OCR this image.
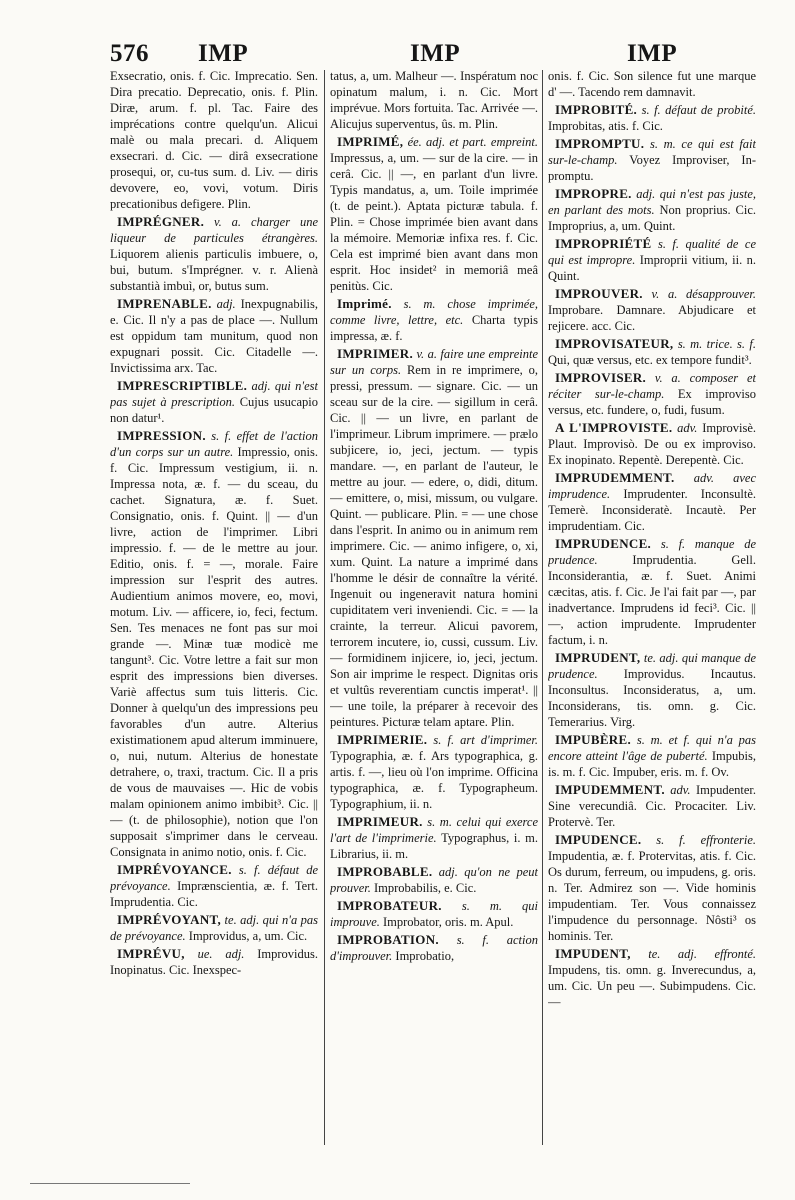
576 IMP	IMP	IMP

Exsecratio, onis. f. Cic. Imprecatio. Sen. Dira precatio. Deprecatio, onis. f. Plin. Diræ, arum. f. pl. Tac. Faire des imprécations contre quelqu'un. Alicui malè ou mala precari. d. Aliquem exsecrari. d. Cic. — dirâ exsecratione prosequi, or, cu-tus sum. d. Liv. — diris devovere, eo, vovi, votum. Diris precationibus defigere. Plin.

IMPRÉGNER. v. a. charger une liqueur de particules étrangères. Liquorem alienis particulis imbuere, o, bui, butum. s'Imprégner. v. r. Alienà substantià imbuì, or, butus sum.

IMPRENABLE. adj. Inexpugnabilis, e. Cic. Il n'y a pas de place —. Nullum est oppidum tam munitum, quod non expugnari possit. Cic. Citadelle —. Invictissima arx. Tac.

IMPRESCRIPTIBLE. adj. qui n'est pas sujet à prescription. Cujus usucapio non datur¹.

IMPRESSION. s. f. effet de l'action d'un corps sur un autre. Impressio, onis. f. Cic. Impressum vestigium, ii. n. Impressa nota, æ. f. — du sceau, du cachet. Signatura, æ. f. Suet. Consignatio, onis. f. Quint. || — d'un livre, action de l'imprimer. Libri impressio. f. — de le mettre au jour. Editio, onis. f. = —, morale. Faire impression sur l'esprit des autres. Audientium animos movere, eo, movi, motum. Liv. — afficere, io, feci, fectum. Sen. Tes menaces ne font pas sur moi grande —. Minæ tuæ modicè me tangunt³. Cic. Votre lettre a fait sur mon esprit des impressions bien diverses. Variè affectus sum tuis litteris. Cic. Donner à quelqu'un des impressions peu favorables d'un autre. Alterius existimationem apud alterum imminuere, o, nui, nutum. Alterius de honestate detrahere, o, traxi, tractum. Cic. Il a pris de vous de mauvaises —. Hic de vobis malam opinionem animo imbibit³. Cic. || — (t. de philosophie), notion que l'on supposait s'imprimer dans le cerveau. Consignata in animo notio, onis. f. Cic.

IMPRÉVOYANCE. s. f. défaut de prévoyance. Imprænscientia, æ. f. Tert. Imprudentia. Cic.

IMPRÉVOYANT, te. adj. qui n'a pas de prévoyance. Improvidus, a, um. Cic.

IMPRÉVU, ue. adj. Improvidus. Inopinatus. Cic. Inexspec-

tatus, a, um. Malheur —. Inspératum noc opinatum malum, i. n. Cic. Mort imprévue. Mors fortuita. Tac. Arrivée —. Alicujus superventus, ûs. m. Plin.

IMPRIMÉ, ée. adj. et part. empreint. Impressus, a, um. — sur de la cire. — in cerâ. Cic. || —, en parlant d'un livre. Typis mandatus, a, um. Toile imprimée (t. de peint.). Aptata picturæ tabula. f. Plin. = Chose imprimée bien avant dans la mémoire. Memoriæ infixa res. f. Cic. Cela est imprimé bien avant dans mon esprit. Hoc insidet² in memoriâ meâ penitùs. Cic.

Imprimé. s. m. chose imprimée, comme livre, lettre, etc. Charta typis impressa, æ. f.

IMPRIMER. v. a. faire une empreinte sur un corps. Rem in re imprimere, o, pressi, pressum. — signare. Cic. — un sceau sur de la cire. — sigillum in cerâ. Cic. || — un livre, en parlant de l'imprimeur. Librum imprimere. — prælo subjicere, io, jeci, jectum. — typis mandare. —, en parlant de l'auteur, le mettre au jour. — edere, o, didi, ditum. — emittere, o, misi, missum, ou vulgare. Quint. — publicare. Plin. = — une chose dans l'esprit. In animo ou in animum rem imprimere. Cic. — animo infigere, o, xi, xum. Quint. La nature a imprimé dans l'homme le désir de connaître la vérité. Ingenuit ou ingeneravit natura homini cupiditatem veri inveniendi. Cic. = — la crainte, la terreur. Alicui pavorem, terrorem incutere, io, cussi, cussum. Liv. — formidinem injicere, io, jeci, jectum. Son air imprime le respect. Dignitas oris et vultûs reverentiam cunctis imperat¹. || — une toile, la préparer à recevoir des peintures. Picturæ telam aptare. Plin.

IMPRIMERIE. s. f. art d'imprimer. Typographia, æ. f. Ars typographica, g. artis. f. —, lieu où l'on imprime. Officina typographica, æ. f. Typographeum. Typographium, ii. n.

IMPRIMEUR. s. m. celui qui exerce l'art de l'imprimerie. Typographus, i. m. Librarius, ii. m.

IMPROBABLE. adj. qu'on ne peut prouver. Improbabilis, e. Cic.

IMPROBATEUR. s. m. qui improuve. Improbator, oris. m. Apul.

IMPROBATION. s. f. action d'improuver. Improbatio,

onis. f. Cic. Son silence fut une marque d' —. Tacendo rem damnavit.

IMPROBITÉ. s. f. défaut de probité. Improbitas, atis. f. Cic.

IMPROMPTU. s. m. ce qui est fait sur-le-champ. Voyez Improviser, In-promptu.

IMPROPRE. adj. qui n'est pas juste, en parlant des mots. Non proprius. Cic. Improprius, a, um. Quint.

IMPROPRIÉTÉ s. f. qualité de ce qui est impropre. Improprii vitium, ii. n. Quint.

IMPROUVER. v. a. désapprouver. Improbare. Damnare. Abjudicare et rejicere. acc. Cic.

IMPROVISATEUR, s. m. trice. s. f. Qui, quæ versus, etc. ex tempore fundit³.

IMPROVISER. v. a. composer et réciter sur-le-champ. Ex improviso versus, etc. fundere, o, fudi, fusum.

A L'IMPROVISTE. adv. Improvisè. Plaut. Improvisò. De ou ex improviso. Ex inopinato. Repentè. Derepentè. Cic.

IMPRUDEMMENT. adv. avec imprudence. Imprudenter. Inconsultè. Temerè. Inconsideratè. Incautè. Per imprudentiam. Cic.

IMPRUDENCE. s. f. manque de prudence.	Imprudentia. Gell. Inconsiderantia, æ. f. Suet. Animi cæcitas, atis. f. Cic. Je l'ai fait par —, par inadvertance. Imprudens id feci³. Cic. || —, action imprudente. Imprudenter factum, i. n.

IMPRUDENT, te. adj. qui manque de prudence. Improvidus. Incautus. Inconsultus. Inconsideratus, a, um. Inconsiderans, tis. omn. g. Cic. Temerarius. Virg.

IMPUBÈRE. s. m. et f. qui n'a pas encore atteint l'âge de puberté. Impubis, is. m. f. Cic. Impuber, eris. m. f. Ov.

IMPUDEMMENT. adv. Impudenter. Sine verecundiâ. Cic. Procaciter. Liv. Protervè. Ter.

IMPUDENCE. s. f. effronterie. Impudentia, æ. f. Protervitas, atis. f. Cic. Os durum, ferreum, ou impudens, g. oris. n. Ter. Admirez son —. Vide hominis impudentiam. Ter. Vous connaissez l'impudence du personnage. Nôsti³ os hominis. Ter.

IMPUDENT, te. adj. effronté. Impudens, tis. omn. g. Inverecundus, a, um. Cic. Un peu —. Subimpudens. Cic. —
